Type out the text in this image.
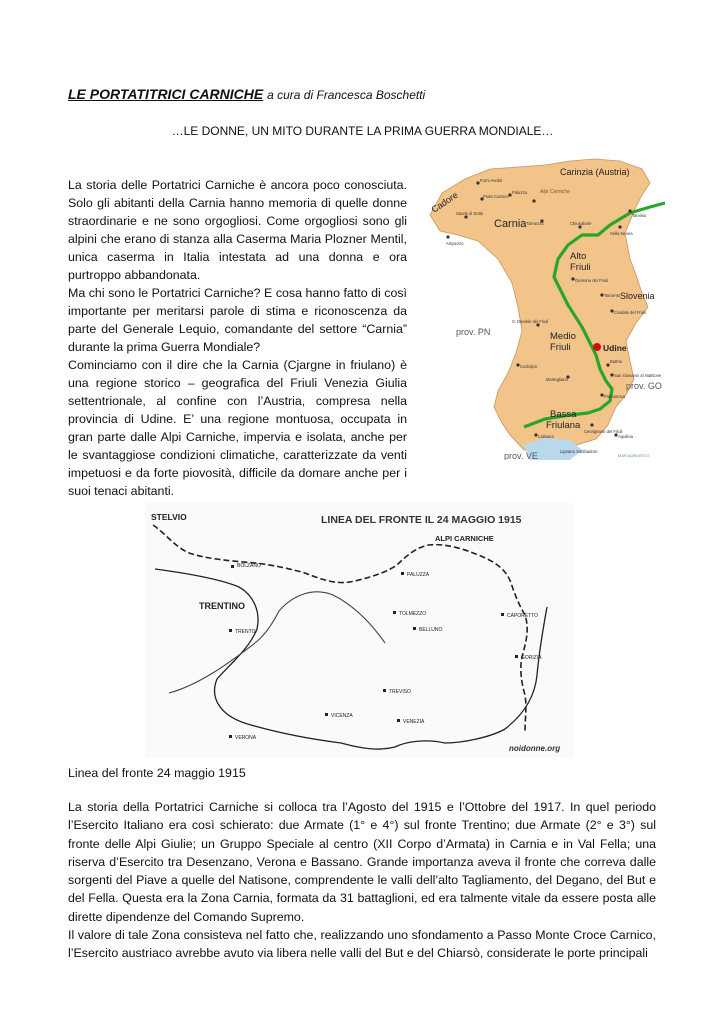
LE PORTATITRICI CARNICHE a cura di Francesca Boschetti
…LE DONNE, UN MITO DURANTE LA PRIMA GUERRA MONDIALE…

La storia delle Portatrici Carniche è ancora poco conosciuta. Solo gli abitanti della Carnia hanno memoria di quelle donne straordinarie e ne sono orgogliosi. Come orgogliosi sono gli alpini che erano di stanza alla Caserma Maria Plozner Mentil, unica caserma in Italia intestata ad una donna e ora purtroppo abbandonata.

Ma chi sono le Portatrici Carniche? E cosa hanno fatto di così importante per meritarsi parole di stima e riconoscenza da parte del Generale Lequio, comandante del settore “Carnia” durante la prima Guerra Mondiale?

Cominciamo con il dire che la Carnia (Cjargne in friulano) è una regione storico – geografica del Friuli Venezia Giulia settentrionale, al confine con l’Austria, compresa nella provincia di Udine. E’ una regione montuosa, occupata in gran parte dalle Alpi Carniche, impervia e isolata, anche per le svantaggiose condizioni climatiche, caratterizzate da venti impetuosi e da forte piovosità, difficile da domare anche per i suoi tenaci abitanti.

Carinzia (Austria)
Alpi Carniche
Cadore
Carnia
Alto
Friuli
Slovenia
Medio
Friuli	Udine
prov. PN
prov. GO
Bassa
Friulana
prov. VE
Forni Avoltri
Prato Carnico
Paluzza
Sauris di Sotto
Tolmezzo	Chiusaforte
Tarvisio
Sella Nevea
Ampezzo
Gemona del Friuli
Tarcento
Cividale del Friuli
S. Daniele del Friuli
Codroipo
Buttrio
San Giovanni al Natisone
Mortegliano
Palmanova
Latisana
Cervignano del Friuli
Aquileia
Lignano Sabbiadoro
MAR ADRIATICO
LINEA DEL FRONTE IL 24 MAGGIO 1915
STELVIO
ALPI CARNICHE
TRENTINO
BOLZANO
TRENTO
PALUZZA
TOLMEZZO
BELLUNO
CAPORETTO
GORIZIA
TREVISO
VICENZA
VERONA
VENEZIA
noidonne.org
Linea del fronte 24 maggio 1915

La storia della Portatrici Carniche si colloca tra l’Agosto del 1915 e l’Ottobre del 1917. In quel periodo l’Esercito Italiano era così schierato: due Armate (1° e 4°) sul fronte Trentino; due Armate (2° e 3°) sul fronte delle Alpi Giulie; un Gruppo Speciale al centro (XII Corpo d’Armata) in Carnia e in Val Fella; una riserva d’Esercito tra Desenzano, Verona e Bassano. Grande importanza aveva il fronte che correva dalle sorgenti del Piave a quelle del Natisone, comprendente le valli dell’alto Tagliamento, del Degano, del But e del Fella. Questa era la Zona Carnia, formata da 31 battaglioni, ed era talmente vitale da essere posta alle dirette dipendenze del Comando Supremo.

Il valore di tale Zona consisteva nel fatto che, realizzando uno sfondamento a Passo Monte Croce Carnico, l’Esercito austriaco avrebbe avuto via libera nelle valli del But e del Chiarsò, considerate le porte principali
